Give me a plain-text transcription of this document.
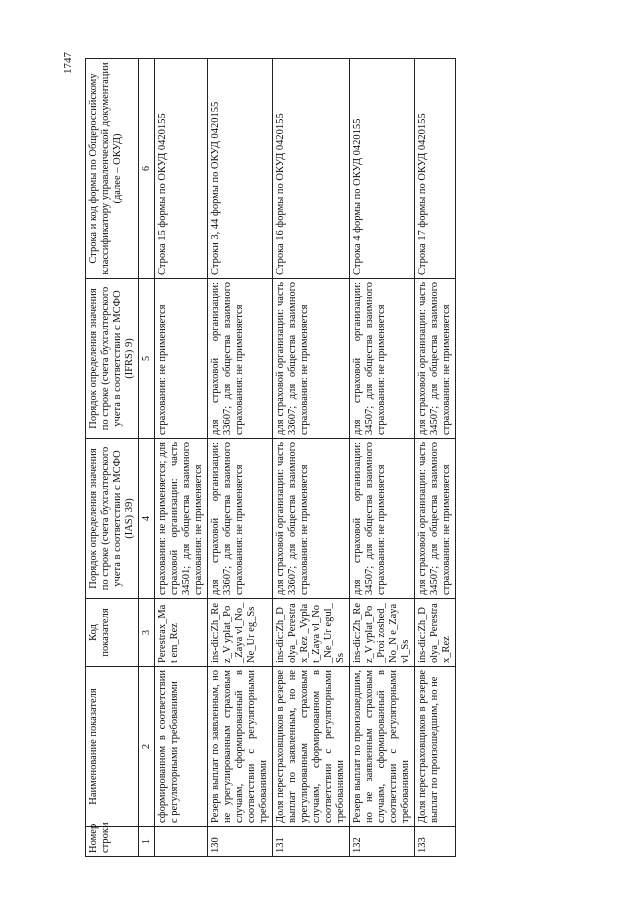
1747
Номер строки	Наименование показателя	Код показателя	Порядок определения значения по строке (счета бухгалтерского учета в соответствии с МСФО (IAS) 39)	Порядок определения значения по строке (счета бухгалтерского учета в соответствии с МСФО (IFRS) 9)	Строка и код формы по Общероссийскому классификатору управленческой документации (далее – ОКУД)
1	2	3	4	5	6
	сформированном в соответствии с регуляторными требованиями	Perestrax_Mat em_Rez	страхования: не применяется; для страховой организации: часть 34501; для общества взаимного страхования: не применяется	страхования: не применяется	Строка 15 формы по ОКУД 0420155
130	Резерв выплат по заявленным, но не урегулированным страховым случаям, сформированный в соответствии с регуляторными требованиями	ins-dic:Zh_Rez_V yplat_Po_Zaya vl_No_Ne_Ur eg_Ss	для страховой организации: 33607; для общества взаимного страхования: не применяется	для страховой организации: 33607; для общества взаимного страхования: не применяется	Строки 3, 44 формы по ОКУД 0420155
131	Доля перестраховщиков в резерве выплат по заявленным, но не урегулированным страховым случаям, сформированном в соответствии с регуляторными требованиями	ins-dic:Zh_Dolya_ Perestrax_Rez _Vyplat_Zaya vl_No_Ne_Ur egul_Ss	для страховой организации: часть 33607; для общества взаимного страхования: не применяется	для страховой организации: часть 33607; для общества взаимного страхования: не применяется	Строка 16 формы по ОКУД 0420155
132	Резерв выплат по произошедшим, но не заявленным страховым случаям, сформированный в соответствии с регуляторными требованиями	ins-dic:Zh_Rez_V yplat_Po_Proi zoshed_No_N e_Zayavl_Ss	для страховой организации: 34507; для общества взаимного страхования: не применяется	для страховой организации: 34507; для общества взаимного страхования: не применяется	Строка 4 формы по ОКУД 0420155
133	Доля перестраховщиков в резерве выплат по произошедшим, но не	ins-dic:Zh_Dolya_ Perestrax_Rez	для страховой организации: часть 34507; для общества взаимного страхования: не применяется	для страховой организации: часть 34507; для общества взаимного страхования: не применяется	Строка 17 формы по ОКУД 0420155
